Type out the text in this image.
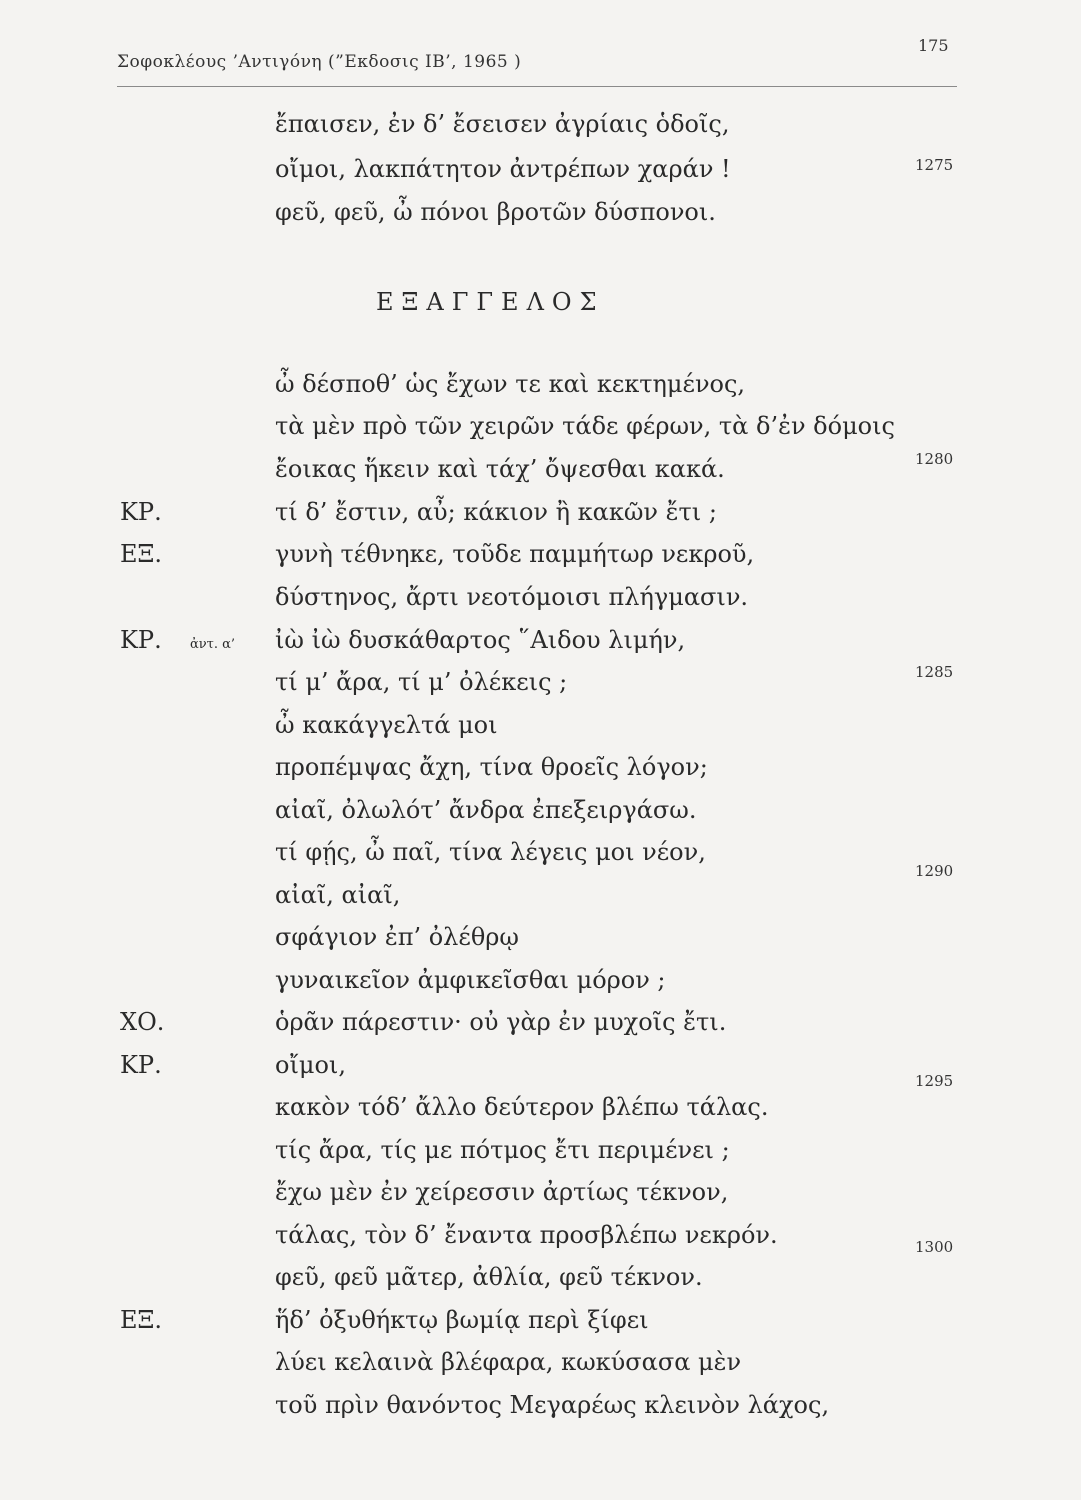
Σοφοκλέους ’Αντιγόνη (”Εκδοσις ΙΒ’, 1965 )
175
ἔπαισεν, ἐν δ’ ἔσεισεν ἀγρίαις ὁδοῖς,
οἴμοι, λακπάτητον ἀντρέπων χαράν !
φεῦ, φεῦ, ὦ πόνοι βροτῶν δύσπονοι.
ΕΞΑΓΓΕΛΟΣ
ὦ δέσποθ’ ὡς ἔχων τε καὶ κεκτημένος,
τὰ μὲν πρὸ τῶν χειρῶν τάδε φέρων, τὰ δ’ἐν δόμοις
ἔοικας ἥκειν καὶ τάχ’ ὄψεσθαι κακά.
ΚΡ.	τί δ’ ἔστιν, αὖ; κάκιον ἢ κακῶν ἔτι ;
ΕΞ.	γυνὴ τέθνηκε, τοῦδε παμμήτωρ νεκροῦ,
δύστηνος, ἄρτι νεοτόμοισι πλήγμασιν.
ΚΡ. ἀντ. α’ ἰὼ ἰὼ δυσκάθαρτος ῞Αιδου λιμήν,
τί μ’ ἄρα, τί μ’ ὀλέκεις ;
ὦ κακάγγελτά μοι
προπέμψας ἄχη, τίνα θροεῖς λόγον;
αἰαῖ, ὀλωλότ’ ἄνδρα ἐπεξειργάσω.
τί φῄς, ὦ παῖ, τίνα λέγεις μοι νέον,
αἰαῖ, αἰαῖ,
σφάγιον ἐπ’ ὀλέθρῳ
γυναικεῖον ἀμφικεῖσθαι μόρον ;
ΧΟ.	ὁρᾶν πάρεστιν· οὐ γὰρ ἐν μυχοῖς ἔτι.
ΚΡ.	οἴμοι,
κακὸν τόδ’ ἄλλο δεύτερον βλέπω τάλας.
τίς ἄρα, τίς με πότμος ἔτι περιμένει ;
ἔχω μὲν ἐν χείρεσσιν ἀρτίως τέκνον,
τάλας, τὸν δ’ ἔναντα προσβλέπω νεκρόν.
φεῦ, φεῦ μᾶτερ, ἀθλία, φεῦ τέκνον.
ΕΞ.	ἥδ’ ὀξυθήκτῳ βωμίᾳ περὶ ξίφει
λύει κελαινὰ βλέφαρα, κωκύσασα μὲν
τοῦ πρὶν θανόντος Μεγαρέως κλεινὸν λάχος,
1275
1280
1285
1290
1295
1300
